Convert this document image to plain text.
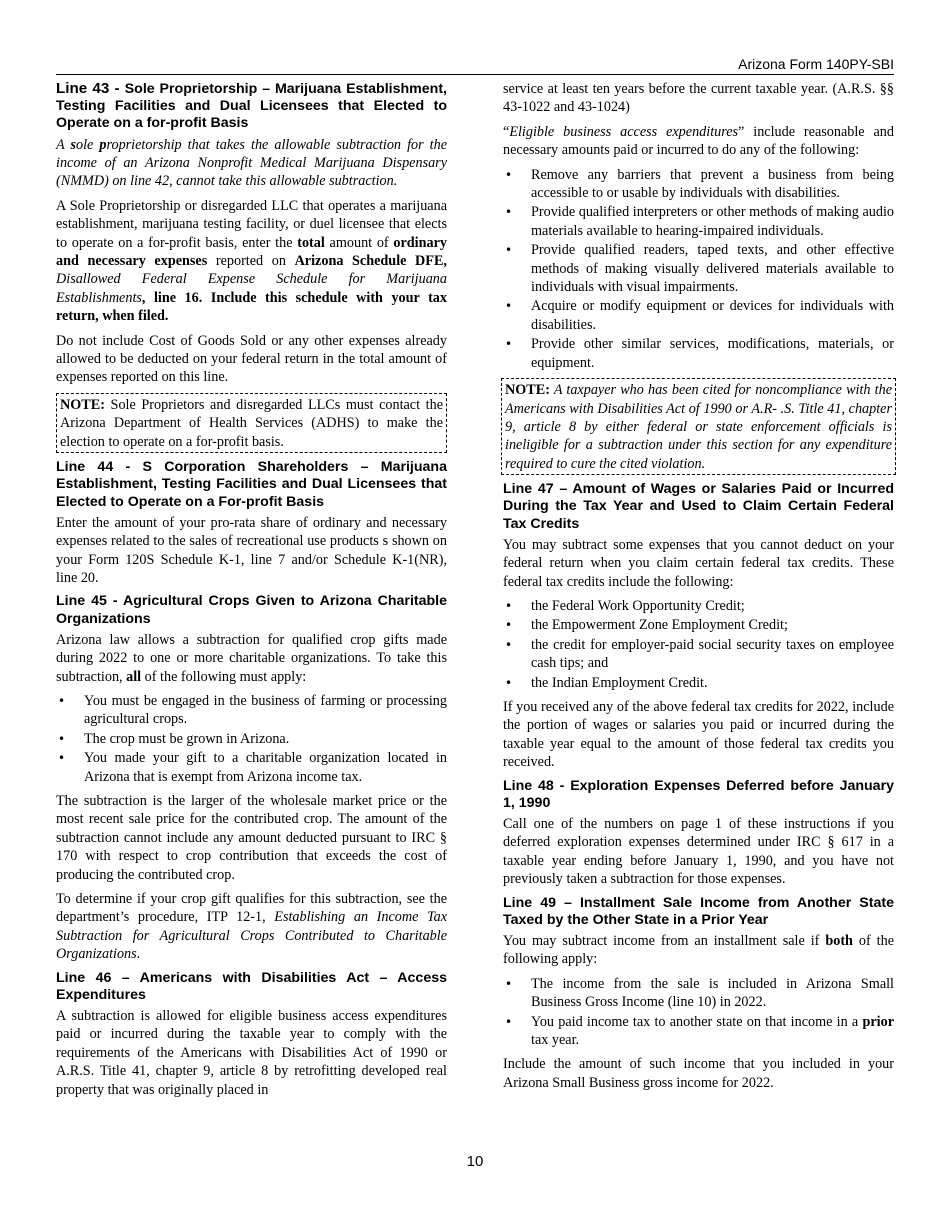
Arizona Form 140PY-SBI
Line 43 - Sole Proprietorship – Marijuana Establishment, Testing Facilities and Dual Licensees that Elected to Operate on a for-profit Basis

A sole proprietorship that takes the allowable subtraction for the income of an Arizona Nonprofit Medical Marijuana Dispensary (NMMD) on line 42, cannot take this allowable subtraction.

A Sole Proprietorship or disregarded LLC that operates a marijuana establishment, marijuana testing facility, or duel licensee that elects to operate on a for-profit basis, enter the total amount of ordinary and necessary expenses reported on Arizona Schedule DFE, Disallowed Federal Expense Schedule for Marijuana Establishments, line 16. Include this schedule with your tax return, when filed.

Do not include Cost of Goods Sold or any other expenses already allowed to be deducted on your federal return in the total amount of expenses reported on this line.

NOTE: Sole Proprietors and disregarded LLCs must contact the Arizona Department of Health Services (ADHS) to make the election to operate on a for-profit basis.
Line 44 - S Corporation Shareholders – Marijuana Establishment, Testing Facilities and Dual Licensees that Elected to Operate on a For-profit Basis

Enter the amount of your pro-rata share of ordinary and necessary expenses related to the sales of recreational use products s shown on your Form 120S Schedule K-1, line 7 and/or Schedule K-1(NR), line 20.

Line 45 - Agricultural Crops Given to Arizona Charitable Organizations

Arizona law allows a subtraction for qualified crop gifts made during 2022 to one or more charitable organizations. To take this subtraction, all of the following must apply:

• You must be engaged in the business of farming or processing agricultural crops.
• The crop must be grown in Arizona.
• You made your gift to a charitable organization located in Arizona that is exempt from Arizona income tax.

The subtraction is the larger of the wholesale market price or the most recent sale price for the contributed crop. The amount of the subtraction cannot include any amount deducted pursuant to IRC § 170 with respect to crop contribution that exceeds the cost of producing the contributed crop.

To determine if your crop gift qualifies for this subtraction, see the department’s procedure, ITP 12-1, Establishing an Income Tax Subtraction for Agricultural Crops Contributed to Charitable Organizations.

Line 46 – Americans with Disabilities Act – Access Expenditures

A subtraction is allowed for eligible business access expenditures paid or incurred during the taxable year to comply with the requirements of the Americans with Disabilities Act of 1990 or A.R.S. Title 41, chapter 9, article 8 by retrofitting developed real property that was originally placed in

service at least ten years before the current taxable year. (A.R.S. §§ 43-1022 and 43-1024)

“Eligible business access expenditures” include reasonable and necessary amounts paid or incurred to do any of the following:

• Remove any barriers that prevent a business from being accessible to or usable by individuals with disabilities.
• Provide qualified interpreters or other methods of making audio materials available to hearing-impaired individuals.
• Provide qualified readers, taped texts, and other effective methods of making visually delivered materials available to individuals with visual impairments.
• Acquire or modify equipment or devices for individuals with disabilities.
• Provide other similar services, modifications, materials, or equipment.
NOTE: A taxpayer who has been cited for noncompliance with the Americans with Disabilities Act of 1990 or A.R- .S. Title 41, chapter 9, article 8 by either federal or state enforcement officials is ineligible for a subtraction under this section for any expenditure required to cure the cited violation.
Line 47 – Amount of Wages or Salaries Paid or Incurred During the Tax Year and Used to Claim Certain Federal Tax Credits

You may subtract some expenses that you cannot deduct on your federal return when you claim certain federal tax credits. These federal tax credits include the following:

• the Federal Work Opportunity Credit;
• the Empowerment Zone Employment Credit;
• the credit for employer-paid social security taxes on employee cash tips; and
• the Indian Employment Credit.

If you received any of the above federal tax credits for 2022, include the portion of wages or salaries you paid or incurred during the taxable year equal to the amount of those federal tax credits you received.

Line 48 - Exploration Expenses Deferred before January 1, 1990

Call one of the numbers on page 1 of these instructions if you deferred exploration expenses determined under IRC § 617 in a taxable year ending before January 1, 1990, and you have not previously taken a subtraction for those expenses.

Line 49 – Installment Sale Income from Another State Taxed by the Other State in a Prior Year

You may subtract income from an installment sale if both of the following apply:

• The income from the sale is included in Arizona Small Business Gross Income (line 10) in 2022.
• You paid income tax to another state on that income in a prior tax year.

Include the amount of such income that you included in your Arizona Small Business gross income for 2022.

10
